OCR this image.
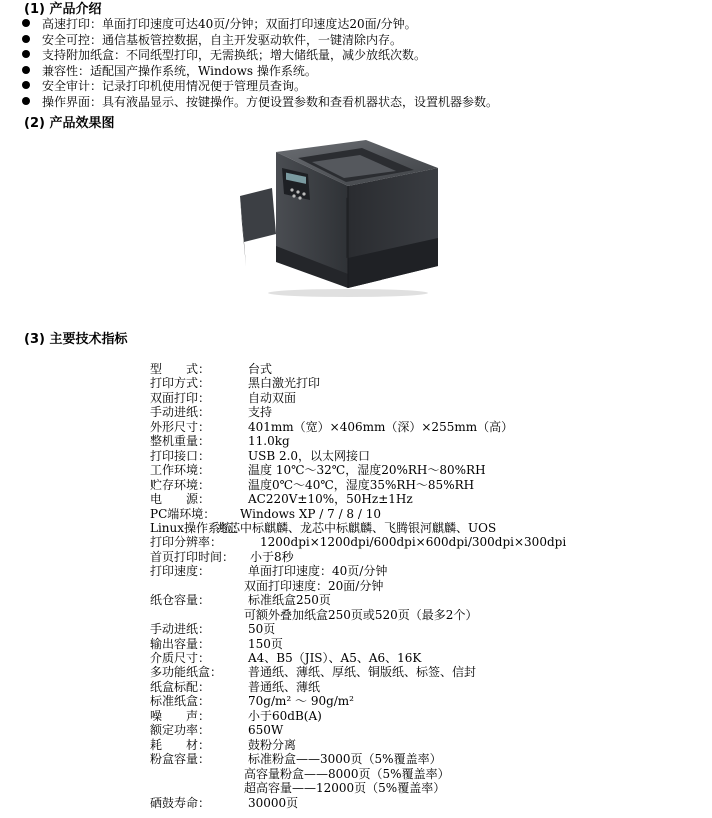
(1) 产品介绍
高速打印：单面打印速度可达40页/分钟；双面打印速度达20面/分钟。
安全可控：通信基板管控数据，自主开发驱动软件，一键清除内存。
支持附加纸盒：不同纸型打印，无需换纸；增大储纸量，减少放纸次数。
兼容性：适配国产操作系统，Windows 操作系统。
安全审计：记录打印机使用情况便于管理员查询。
操作界面：具有液晶显示、按键操作。方便设置参数和查看机器状态，设置机器参数。
(2) 产品效果图
(3) 主要技术指标
型　　式：	台式
打印方式：	黑白激光打印
双面打印：	自动双面
手动进纸：	支持
外形尺寸：	401mm（宽）×406mm（深）×255mm（高）
整机重量：	11.0kg
打印接口：	USB 2.0，以太网接口
工作环境：	温度 10℃～32℃，湿度20%RH～80%RH
贮存环境：	温度0℃～40℃，湿度35%RH～85%RH
电　　源：	AC220V±10%，50Hz±1Hz
PC端环境： Windows XP / 7 / 8 / 10
Linux操作系统：
兆芯中标麒麟、龙芯中标麒麟、飞腾银河麒麟、UOS
打印分辨率：	1200dpi×1200dpi/600dpi×600dpi/300dpi×300dpi
首页打印时间： 小于8秒
打印速度：	单面打印速度：40页/分钟
双面打印速度：20面/分钟
纸仓容量：	标准纸盒250页
可额外叠加纸盒250页或520页（最多2个）
手动进纸：	50页
输出容量：	150页
介质尺寸：	A4、B5（JIS）、A5、A6、16K
多功能纸盒： 普通纸、薄纸、厚纸、铜版纸、标签、信封
纸盒标配：	普通纸、薄纸
标准纸盒：	70g/m² ～ 90g/m²
噪　　声：	小于60dB(A)
额定功率：	650W
耗　　材：	鼓粉分离
粉盒容量：	标准粉盒——3000页（5%覆盖率）
高容量粉盒——8000页（5%覆盖率）
超高容量——12000页（5%覆盖率）
硒鼓寿命：	30000页
